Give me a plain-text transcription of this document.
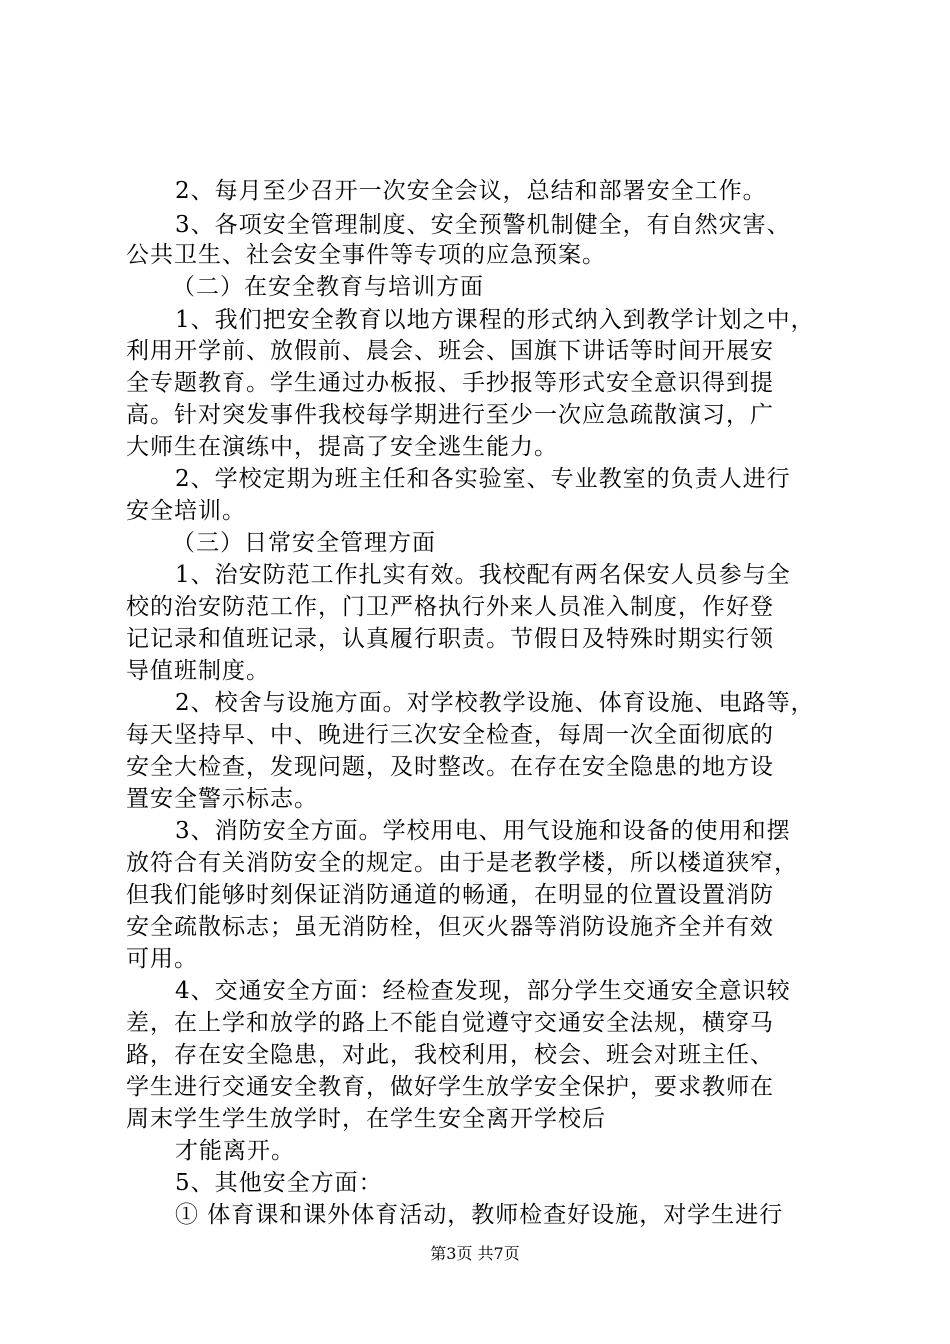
2、每月至少召开一次安全会议，总结和部署安全工作。
3、各项安全管理制度、安全预警机制健全，有自然灾害、
公共卫生、社会安全事件等专项的应急预案。
（二）在安全教育与培训方面
1、我们把安全教育以地方课程的形式纳入到教学计划之中，
利用开学前、放假前、晨会、班会、国旗下讲话等时间开展安
全专题教育。学生通过办板报、手抄报等形式安全意识得到提
高。针对突发事件我校每学期进行至少一次应急疏散演习，广
大师生在演练中，提高了安全逃生能力。
2、学校定期为班主任和各实验室、专业教室的负责人进行
安全培训。
（三）日常安全管理方面
1、治安防范工作扎实有效。我校配有两名保安人员参与全
校的治安防范工作，门卫严格执行外来人员准入制度，作好登
记记录和值班记录，认真履行职责。节假日及特殊时期实行领
导值班制度。
2、校舍与设施方面。对学校教学设施、体育设施、电路等，
每天坚持早、中、晚进行三次安全检查，每周一次全面彻底的
安全大检查，发现问题，及时整改。在存在安全隐患的地方设
置安全警示标志。
3、消防安全方面。学校用电、用气设施和设备的使用和摆
放符合有关消防安全的规定。由于是老教学楼，所以楼道狭窄，
但我们能够时刻保证消防通道的畅通，在明显的位置设置消防
安全疏散标志；虽无消防栓，但灭火器等消防设施齐全并有效
可用。
4、交通安全方面：经检查发现，部分学生交通安全意识较
差，在上学和放学的路上不能自觉遵守交通安全法规，横穿马
路，存在安全隐患，对此，我校利用，校会、班会对班主任、
学生进行交通安全教育，做好学生放学安全保护，要求教师在
周末学生学生放学时，在学生安全离开学校后
才能离开。
5、其他安全方面：
① 体育课和课外体育活动，教师检查好设施，对学生进行
第3页 共7页
